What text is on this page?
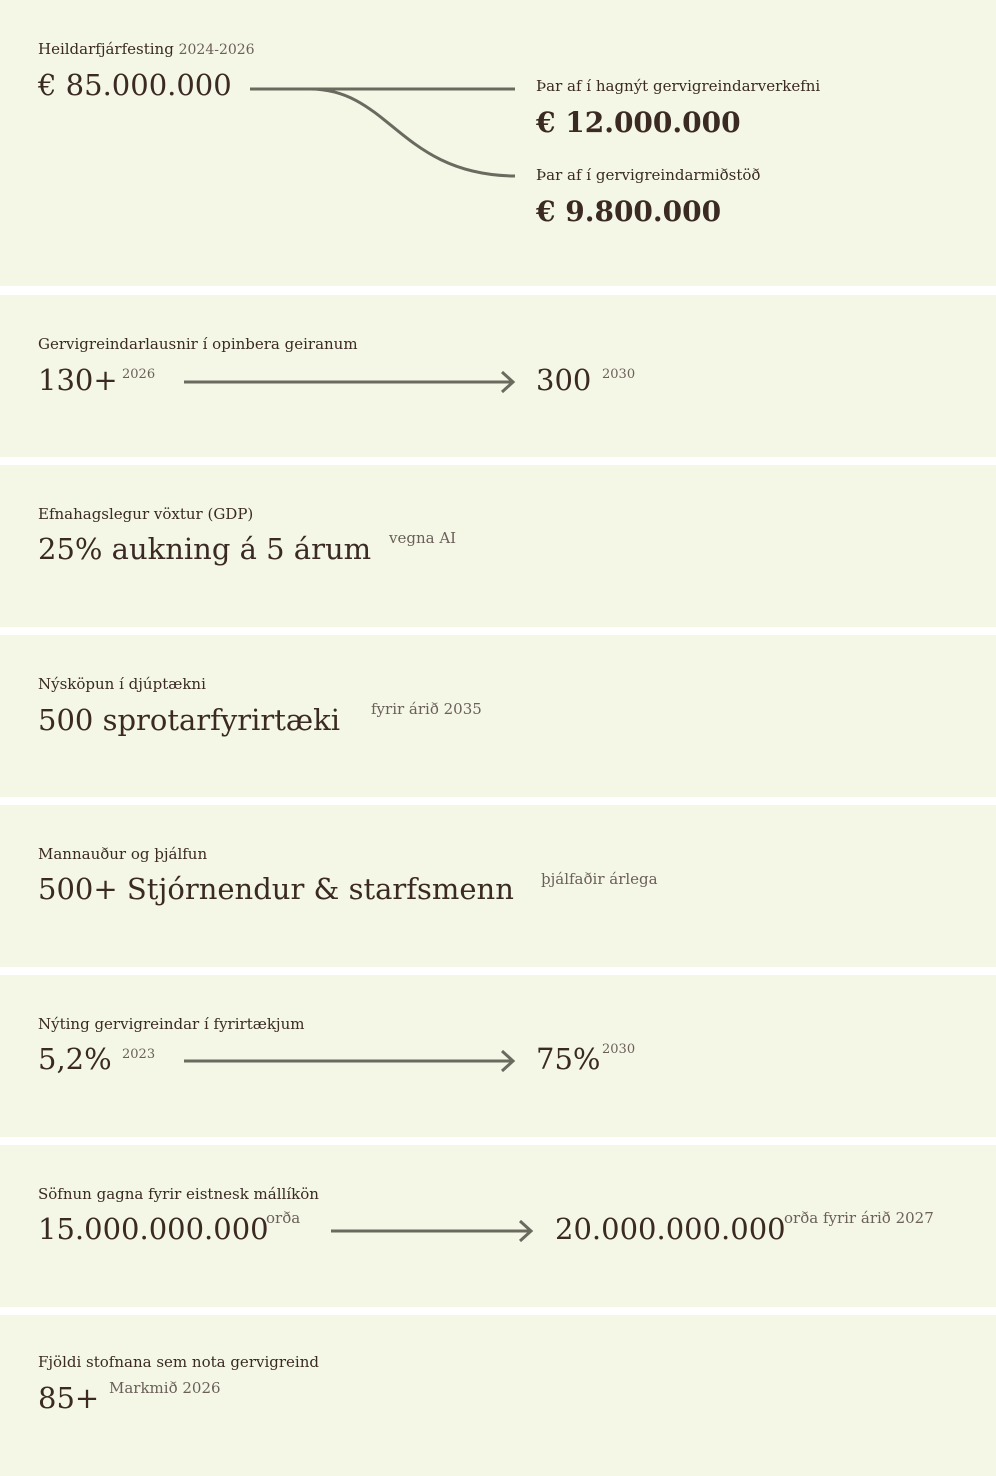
Heildarfjárfesting 2024-2026
€ 85.000.000	Þar af í hagnýt gervigreindarverkefni
€ 12.000.000
Þar af í gervigreindarmiðstöð
€ 9.800.000
Gervigreindarlausnir í opinbera geiranum
130+ 2026	300 2030
Efnahagslegur vöxtur (GDP)
25% aukning á 5 árum vegna AI
Nýsköpun í djúptækni
500 sprotarfyrirtæki fyrir árið 2035
Mannauður og þjálfun
500+ Stjórnendur & starfsmenn þjálfaðir árlega
Nýting gervigreindar í fyrirtækjum
5,2% 2023	75% 2030
Söfnun gagna fyrir eistnesk mállíkön
15.000.000.000
orða	20.000.000.000
orða fyrir árið 2027
Fjöldi stofnana sem nota gervigreind
85+ Markmið 2026
